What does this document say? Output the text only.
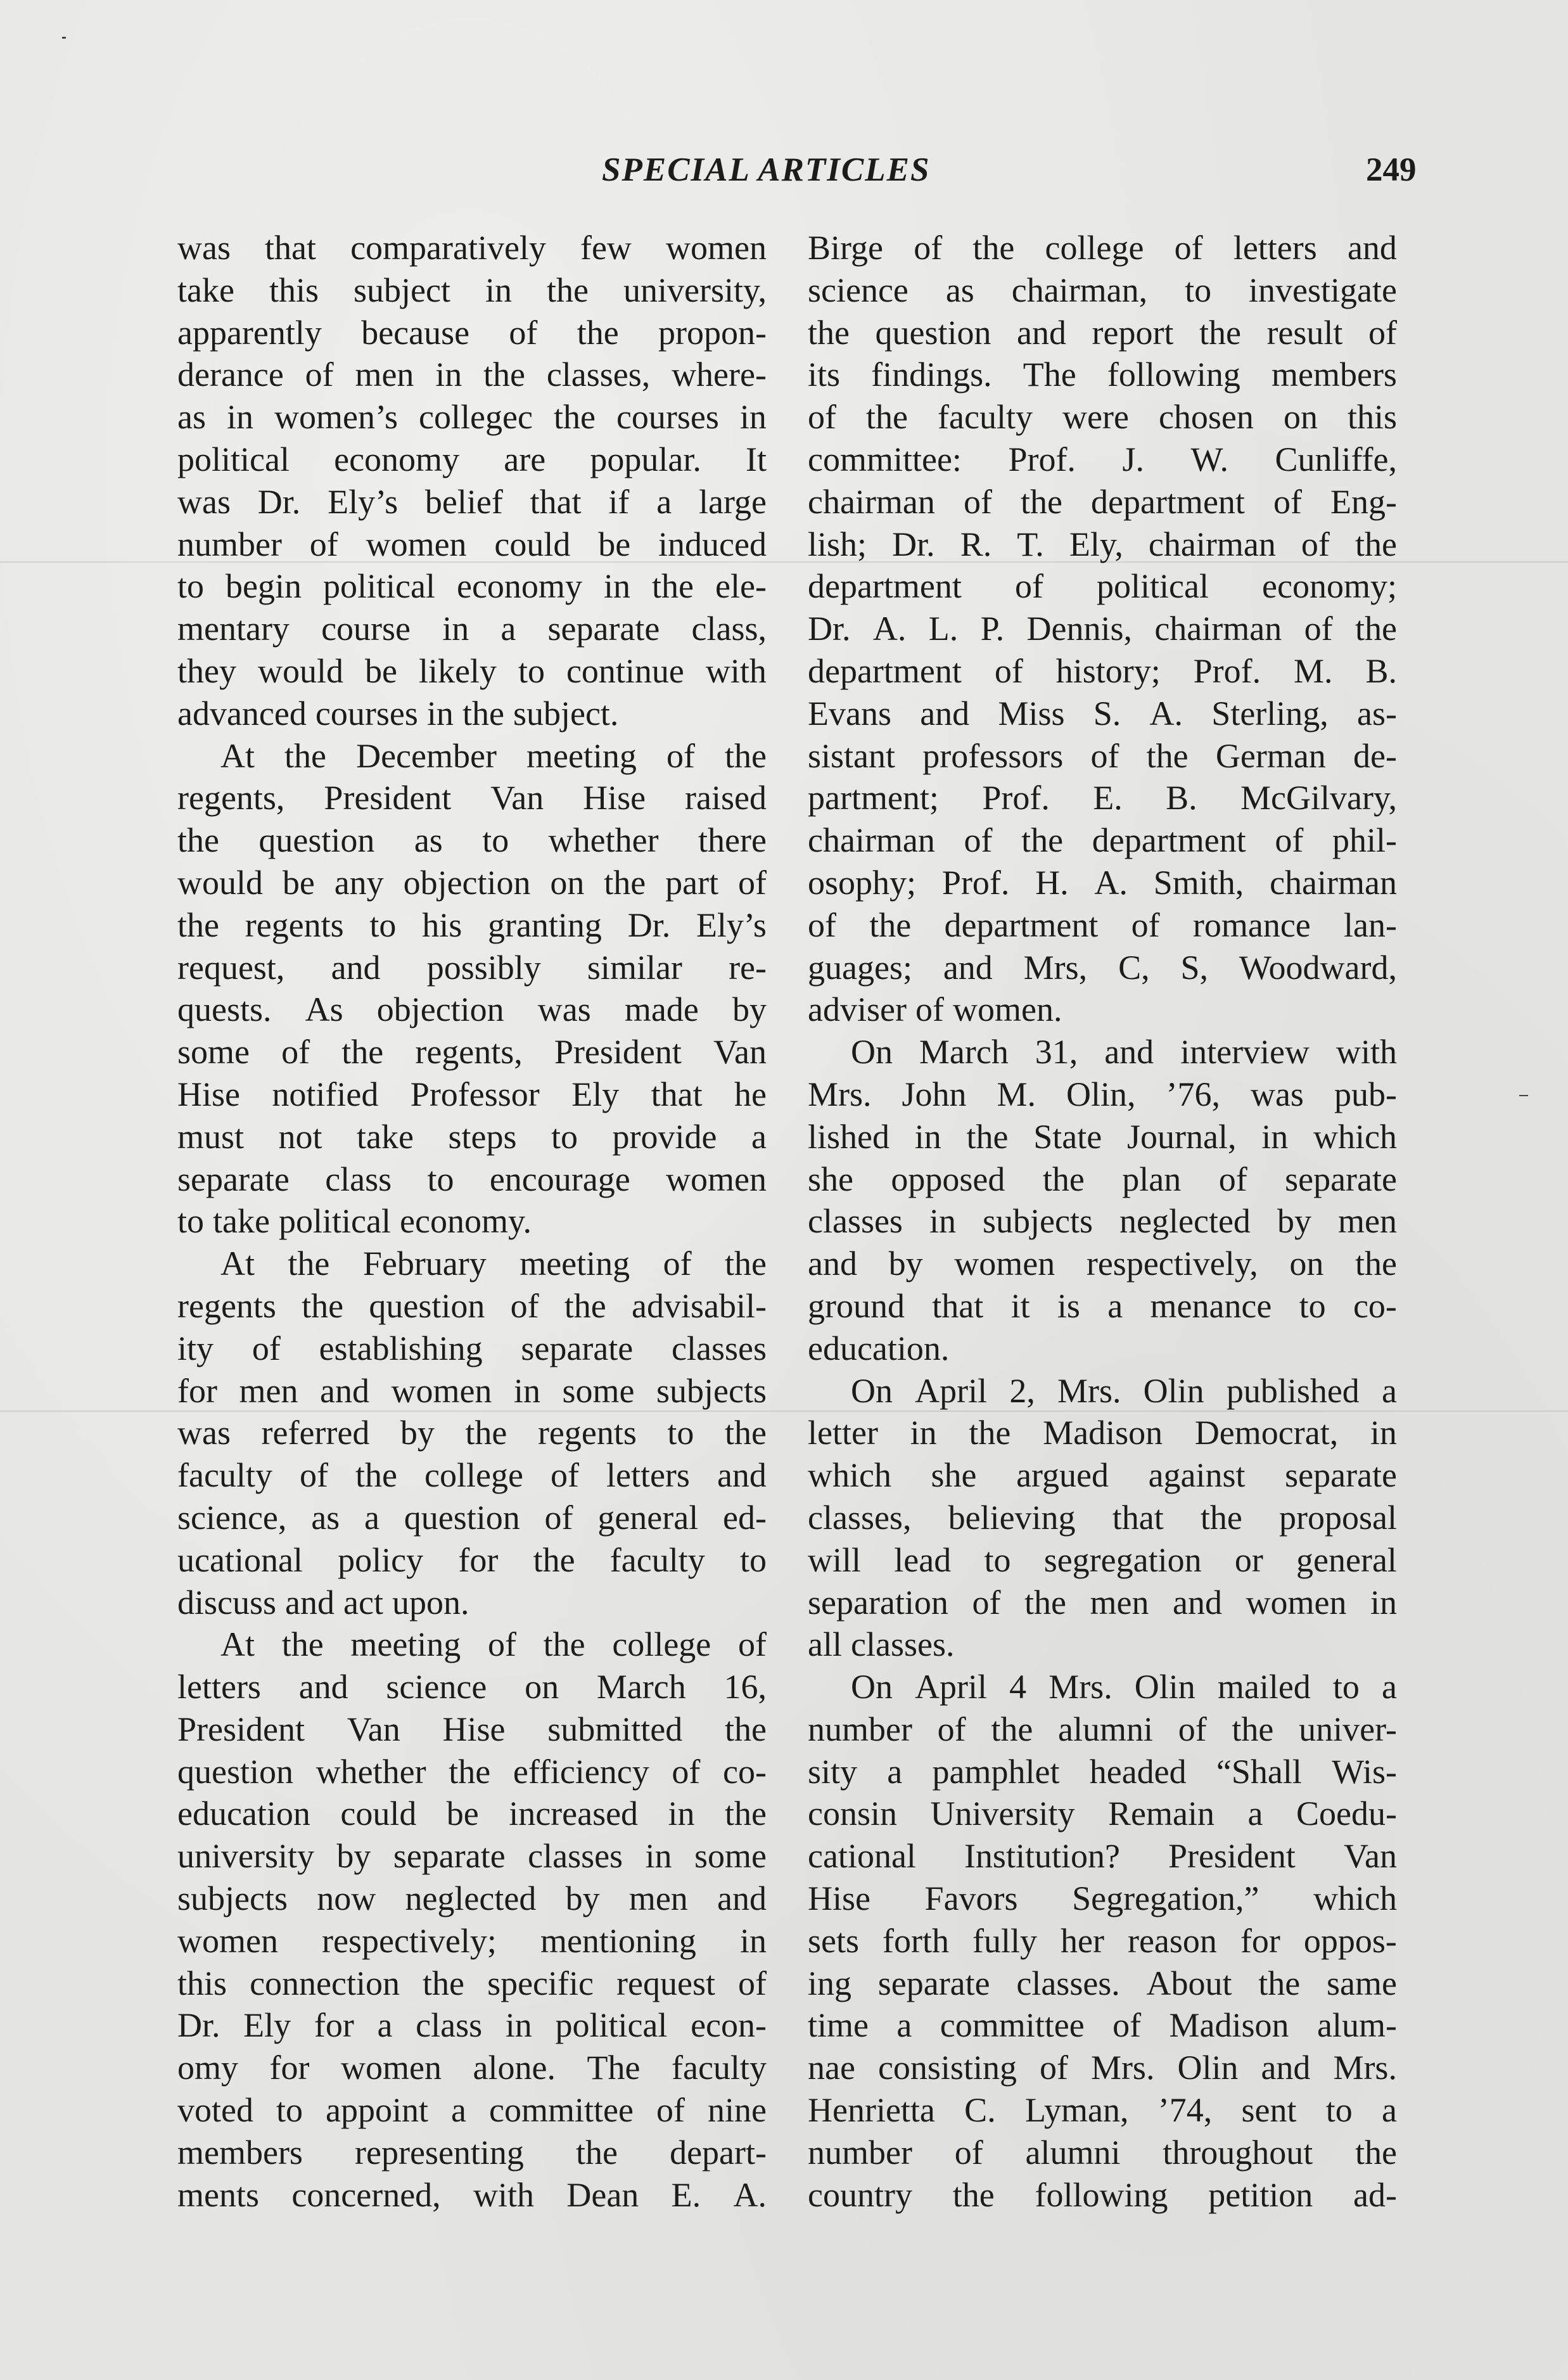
SPECIAL ARTICLES	249
was that comparatively few women
take this subject in the university,
apparently because of the propon-
derance of men in the classes, where-
as in women’s collegec the courses in
political economy are popular. It
was Dr. Ely’s belief that if a large
number of women could be induced
to begin political economy in the ele-
mentary course in a separate class,
they would be likely to continue with
advanced courses in the subject.
At the December meeting of the
regents, President Van Hise raised
the question as to whether there
would be any objection on the part of
the regents to his granting Dr. Ely’s
request, and possibly similar re-
quests. As objection was made by
some of the regents, President Van
Hise notified Professor Ely that he
must not take steps to provide a
separate class to encourage women
to take political economy.
At the February meeting of the
regents the question of the advisabil-
ity of establishing separate classes
for men and women in some subjects
was referred by the regents to the
faculty of the college of letters and
science, as a question of general ed-
ucational policy for the faculty to
discuss and act upon.
At the meeting of the college of
letters and science on March 16,
President Van Hise submitted the
question whether the efficiency of co-
education could be increased in the
university by separate classes in some
subjects now neglected by men and
women respectively; mentioning in
this connection the specific request of
Dr. Ely for a class in political econ-
omy for women alone. The faculty
voted to appoint a committee of nine
members representing the depart-
ments concerned, with Dean E. A.
Birge of the college of letters and
science as chairman, to investigate
the question and report the result of
its findings. The following members
of the faculty were chosen on this
committee: Prof. J. W. Cunliffe,
chairman of the department of Eng-
lish; Dr. R. T. Ely, chairman of the
department of political economy;
Dr. A. L. P. Dennis, chairman of the
department of history; Prof. M. B.
Evans and Miss S. A. Sterling, as-
sistant professors of the German de-
partment; Prof. E. B. McGilvary,
chairman of the department of phil-
osophy; Prof. H. A. Smith, chairman
of the department of romance lan-
guages; and Mrs, C, S, Woodward,
adviser of women.
On March 31, and interview with
Mrs. John M. Olin, ’76, was pub-
lished in the State Journal, in which
she opposed the plan of separate
classes in subjects neglected by men
and by women respectively, on the
ground that it is a menance to co-
education.
On April 2, Mrs. Olin published a
letter in the Madison Democrat, in
which she argued against separate
classes, believing that the proposal
will lead to segregation or general
separation of the men and women in
all classes.
On April 4 Mrs. Olin mailed to a
number of the alumni of the univer-
sity a pamphlet headed “Shall Wis-
consin University Remain a Coedu-
cational Institution? President Van
Hise Favors Segregation,” which
sets forth fully her reason for oppos-
ing separate classes. About the same
time a committee of Madison alum-
nae consisting of Mrs. Olin and Mrs.
Henrietta C. Lyman, ’74, sent to a
number of alumni throughout the
country the following petition ad-
